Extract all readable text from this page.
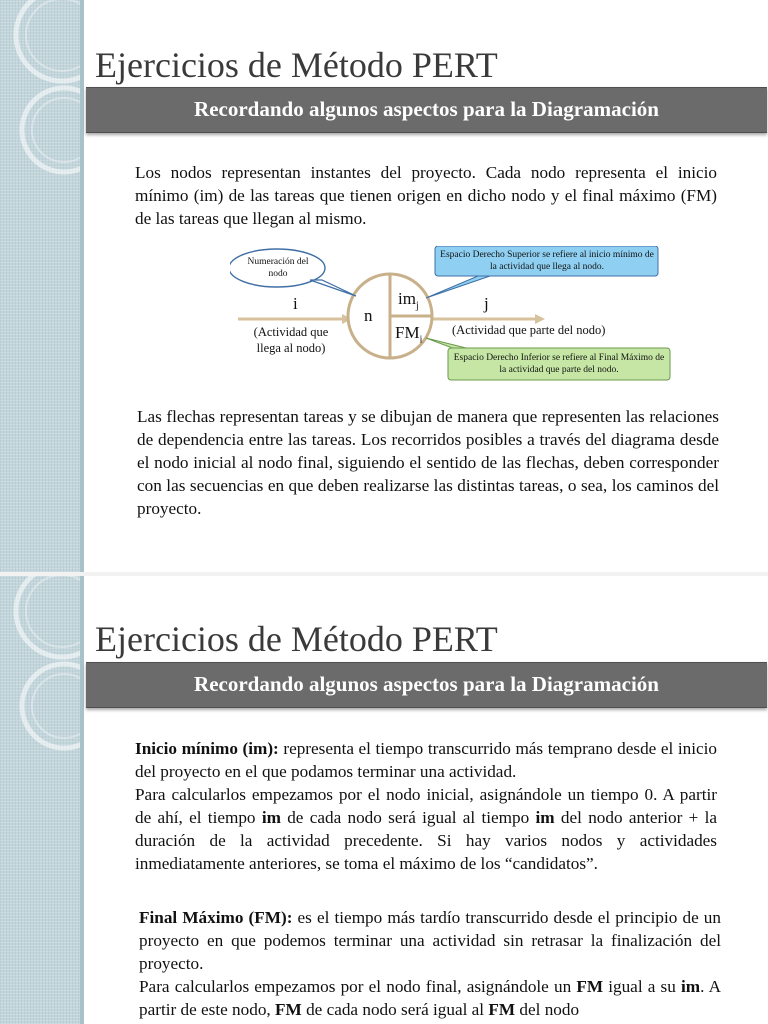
Ejercicios de Método PERT
Recordando algunos aspectos para la Diagramación

Los nodos representan instantes del proyecto. Cada nodo representa el inicio mínimo (im) de las tareas que tienen origen en dicho nodo y el final máximo (FM) de las tareas que llegan al mismo.

Numeración del nodo
Espacio Derecho Superior se refiere al inicio mínimo de la actividad que llega al nodo.
Espacio Derecho Inferior se refiere al Final Máximo de la actividad que parte del nodo.
i	j
n
$im_j$
$FM_i$
(Actividad que llega al nodo)
(Actividad que parte del nodo)

Las flechas representan tareas y se dibujan de manera que representen las relaciones de dependencia entre las tareas. Los recorridos posibles a través del diagrama desde el nodo inicial al nodo final, siguiendo el sentido de las flechas, deben corresponder con las secuencias en que deben realizarse las distintas tareas, o sea, los caminos del proyecto.

Ejercicios de Método PERT
Recordando algunos aspectos para la Diagramación

Inicio mínimo (im): representa el tiempo transcurrido más temprano desde el inicio del proyecto en el que podamos terminar una actividad.

Para calcularlos empezamos por el nodo inicial, asignándole un tiempo 0. A partir de ahí, el tiempo im de cada nodo será igual al tiempo im del nodo anterior + la duración de la actividad precedente. Si hay varios nodos y actividades inmediatamente anteriores, se toma el máximo de los “candidatos”.

Final Máximo (FM): es el tiempo más tardío transcurrido desde el principio de un proyecto en que podemos terminar una actividad sin retrasar la finalización del proyecto.

Para calcularlos empezamos por el nodo final, asignándole un FM igual a su im. A partir de este nodo, FM de cada nodo será igual al FM del nodo
